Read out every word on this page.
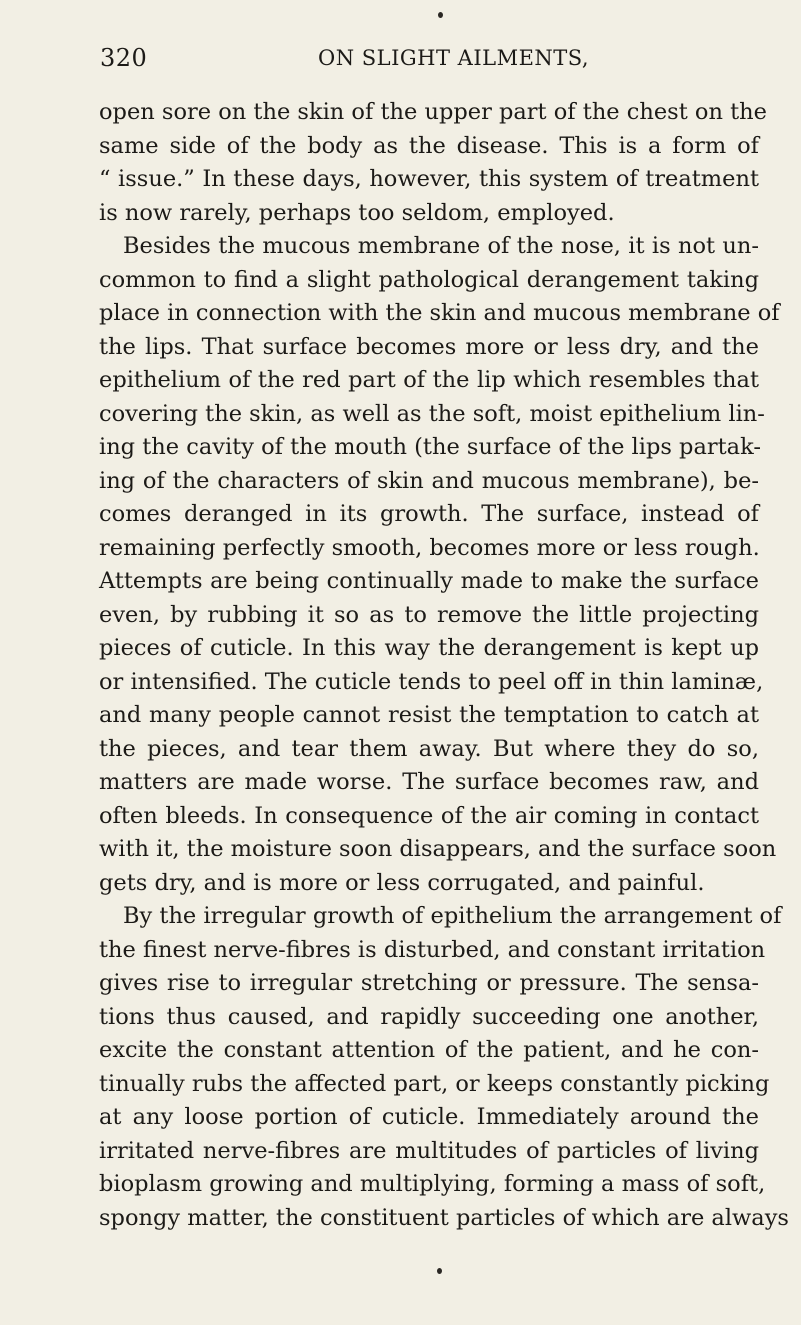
320	ON SLIGHT AILMENTS,
open sore on the skin of the upper part of the chest on the
same side of the body as the disease. This is a form of
“ issue.” In these days, however, this system of treatment
is now rarely, perhaps too seldom, employed.
Besides the mucous membrane of the nose, it is not un-
common to find a slight pathological derangement taking
place in connection with the skin and mucous membrane of
the lips. That surface becomes more or less dry, and the
epithelium of the red part of the lip which resembles that
covering the skin, as well as the soft, moist epithelium lin-
ing the cavity of the mouth (the surface of the lips partak-
ing of the characters of skin and mucous membrane), be-
comes deranged in its growth. The surface, instead of
remaining perfectly smooth, becomes more or less rough.
Attempts are being continually made to make the surface
even, by rubbing it so as to remove the little projecting
pieces of cuticle. In this way the derangement is kept up
or intensified. The cuticle tends to peel off in thin laminæ,
and many people cannot resist the temptation to catch at
the pieces, and tear them away. But where they do so,
matters are made worse. The surface becomes raw, and
often bleeds. In consequence of the air coming in contact
with it, the moisture soon disappears, and the surface soon
gets dry, and is more or less corrugated, and painful.
By the irregular growth of epithelium the arrangement of
the finest nerve-fibres is disturbed, and constant irritation
gives rise to irregular stretching or pressure. The sensa-
tions thus caused, and rapidly succeeding one another,
excite the constant attention of the patient, and he con-
tinually rubs the affected part, or keeps constantly picking
at any loose portion of cuticle. Immediately around the
irritated nerve-fibres are multitudes of particles of living
bioplasm growing and multiplying, forming a mass of soft,
spongy matter, the constituent particles of which are always
